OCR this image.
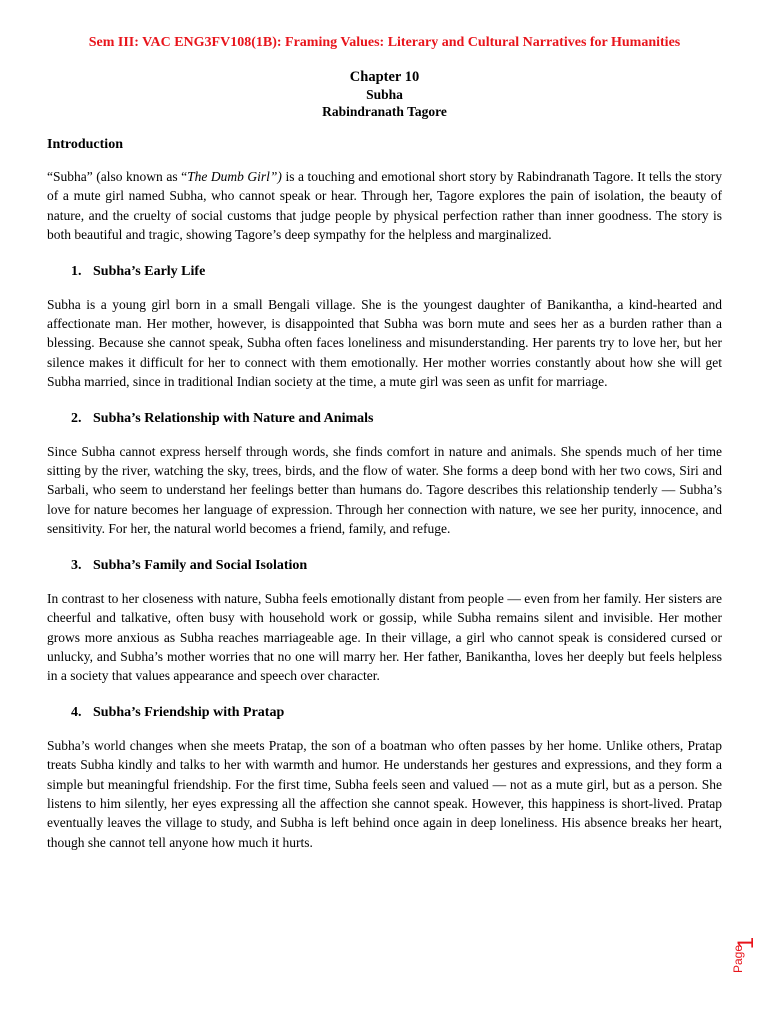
Sem III: VAC ENG3FV108(1B): Framing Values: Literary and Cultural Narratives for Humanities
Chapter 10
Subha
Rabindranath Tagore
Introduction

“Subha” (also known as “The Dumb Girl”) is a touching and emotional short story by Rabindranath Tagore. It tells the story of a mute girl named Subha, who cannot speak or hear. Through her, Tagore explores the pain of isolation, the beauty of nature, and the cruelty of social customs that judge people by physical perfection rather than inner goodness. The story is both beautiful and tragic, showing Tagore’s deep sympathy for the helpless and marginalized.

1. Subha’s Early Life

Subha is a young girl born in a small Bengali village. She is the youngest daughter of Banikantha, a kind-hearted and affectionate man. Her mother, however, is disappointed that Subha was born mute and sees her as a burden rather than a blessing. Because she cannot speak, Subha often faces loneliness and misunderstanding. Her parents try to love her, but her silence makes it difficult for her to connect with them emotionally. Her mother worries constantly about how she will get Subha married, since in traditional Indian society at the time, a mute girl was seen as unfit for marriage.

2. Subha’s Relationship with Nature and Animals

Since Subha cannot express herself through words, she finds comfort in nature and animals. She spends much of her time sitting by the river, watching the sky, trees, birds, and the flow of water. She forms a deep bond with her two cows, Siri and Sarbali, who seem to understand her feelings better than humans do. Tagore describes this relationship tenderly — Subha’s love for nature becomes her language of expression. Through her connection with nature, we see her purity, innocence, and sensitivity. For her, the natural world becomes a friend, family, and refuge.

3. Subha’s Family and Social Isolation

In contrast to her closeness with nature, Subha feels emotionally distant from people — even from her family. Her sisters are cheerful and talkative, often busy with household work or gossip, while Subha remains silent and invisible. Her mother grows more anxious as Subha reaches marriageable age. In their village, a girl who cannot speak is considered cursed or unlucky, and Subha’s mother worries that no one will marry her. Her father, Banikantha, loves her deeply but feels helpless in a society that values appearance and speech over character.

4. Subha’s Friendship with Pratap

Subha’s world changes when she meets Pratap, the son of a boatman who often passes by her home. Unlike others, Pratap treats Subha kindly and talks to her with warmth and humor. He understands her gestures and expressions, and they form a simple but meaningful friendship. For the first time, Subha feels seen and valued — not as a mute girl, but as a person. She listens to him silently, her eyes expressing all the affection she cannot speak. However, this happiness is short-lived. Pratap eventually leaves the village to study, and Subha is left behind once again in deep loneliness. His absence breaks her heart, though she cannot tell anyone how much it hurts.

1
Page
